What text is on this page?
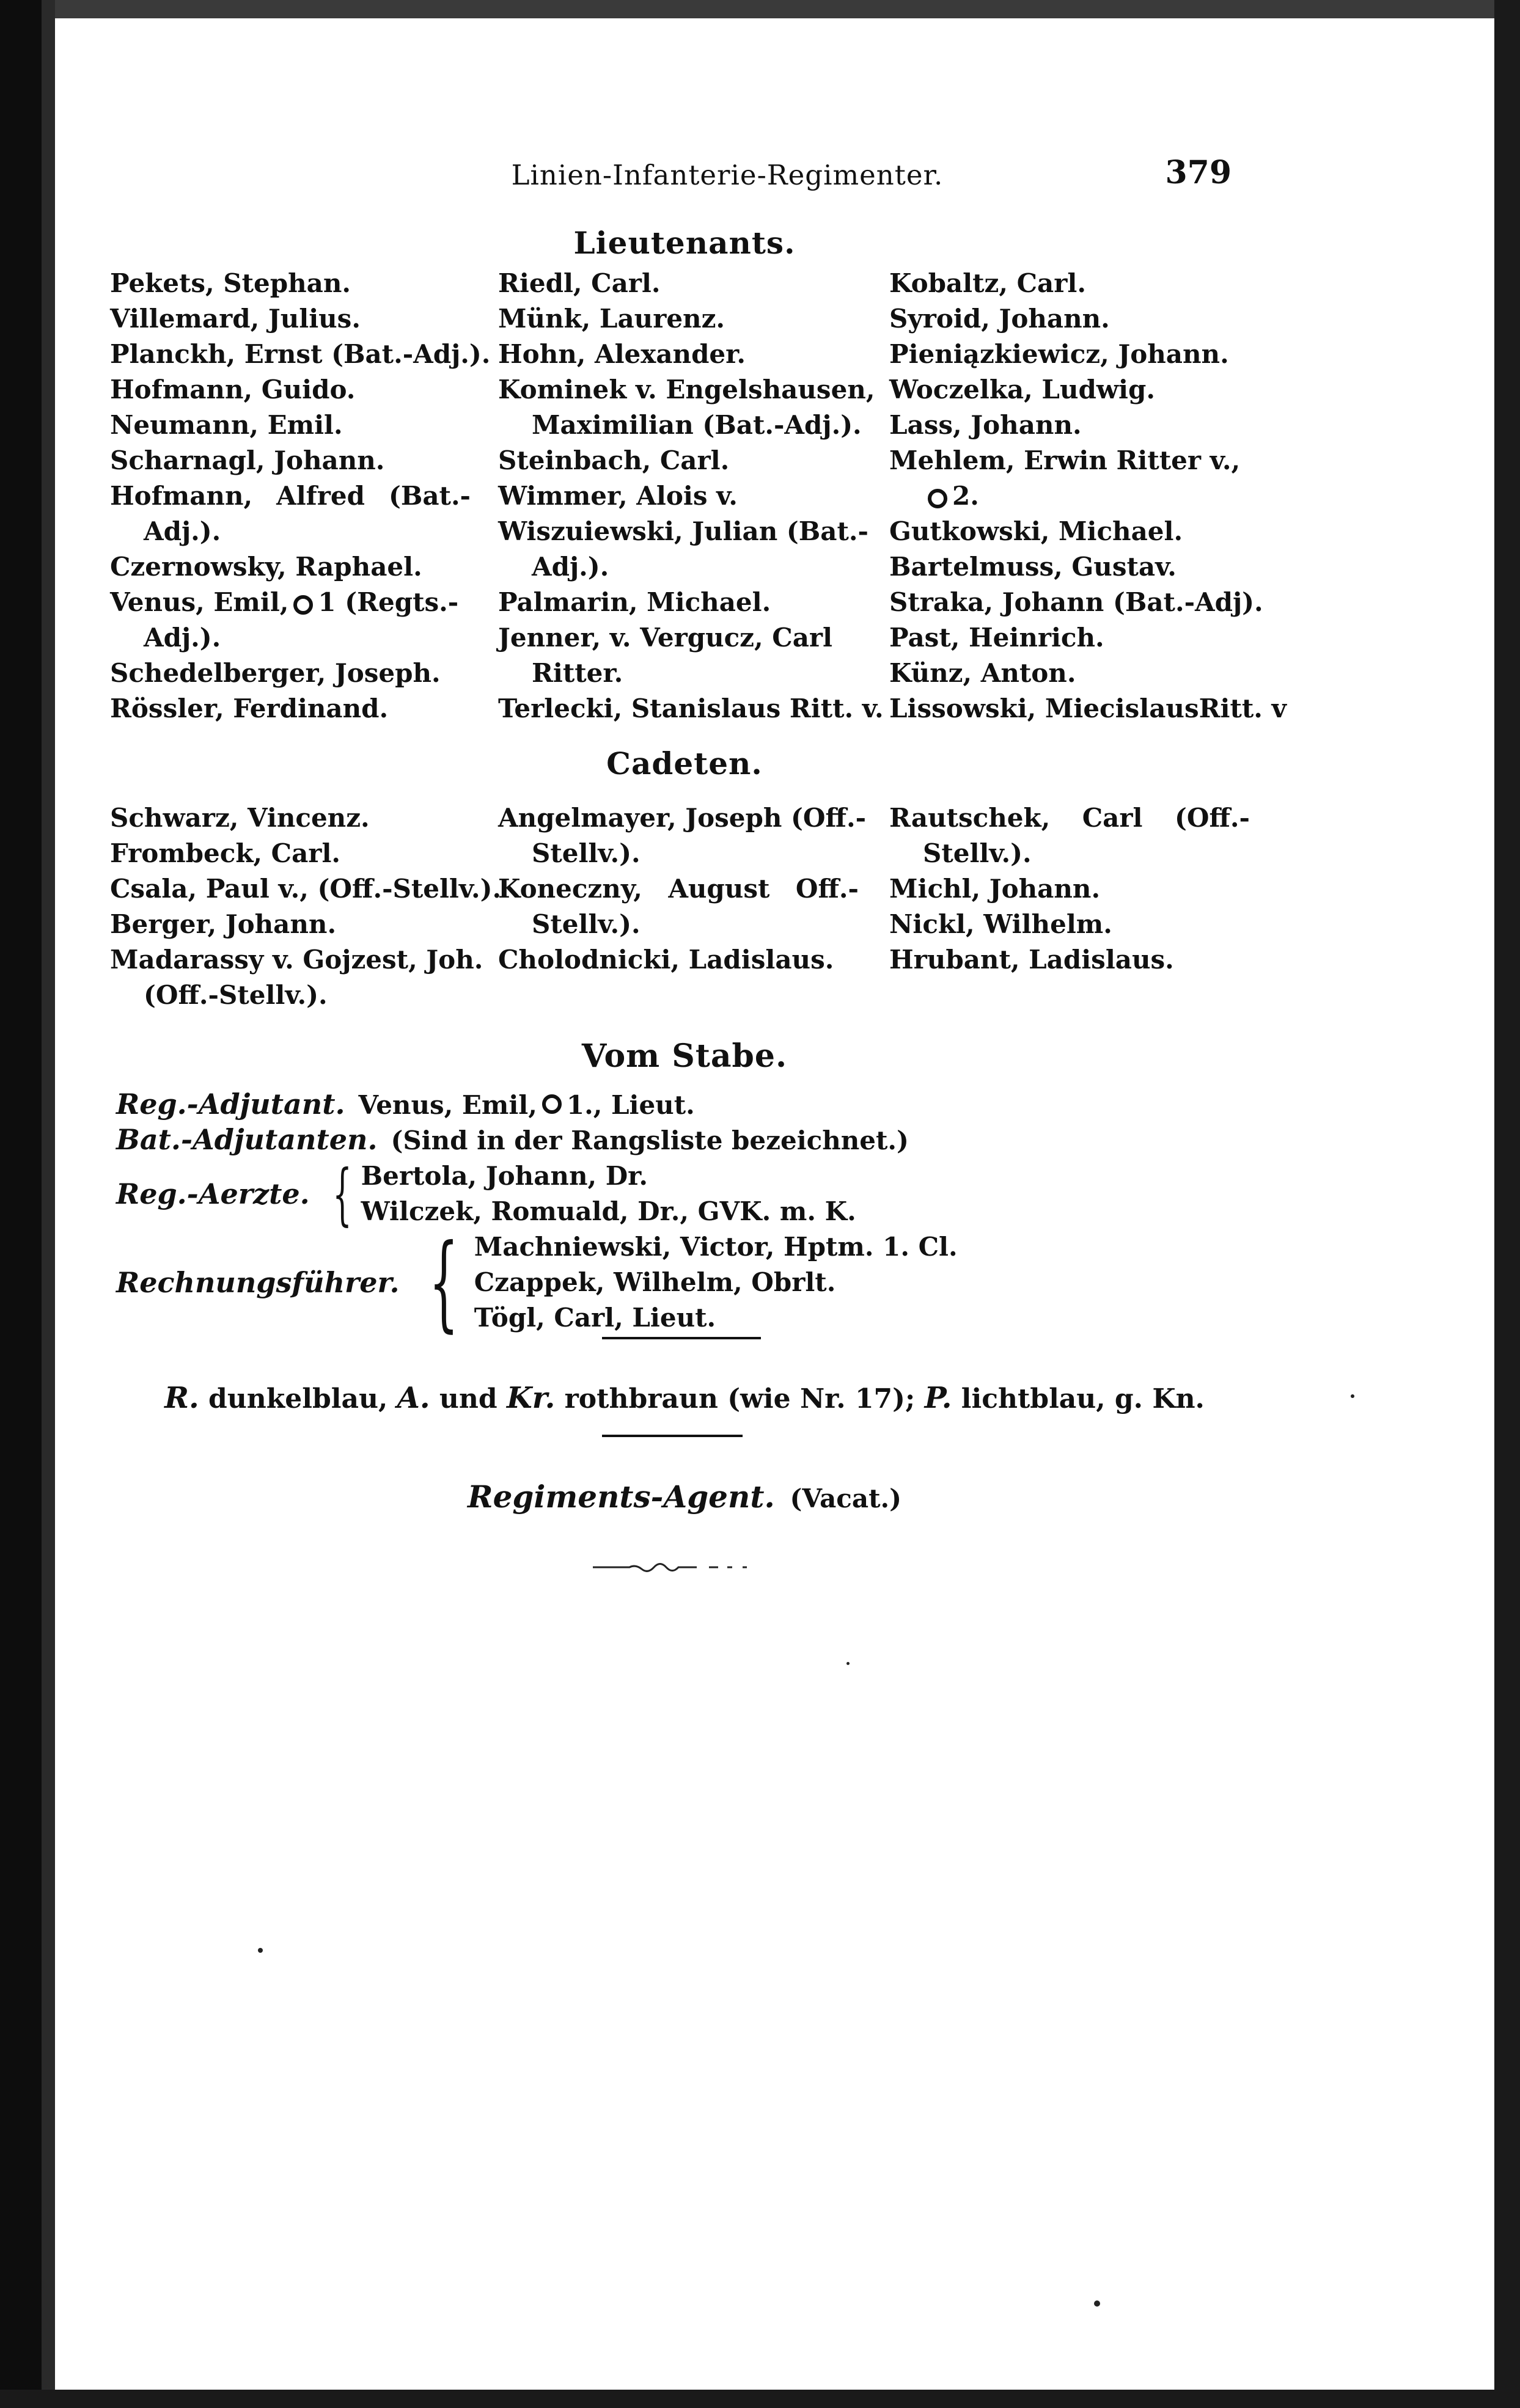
Linien-Infanterie-Regimenter.	379
Lieutenants.
Pekets, Stephan.
Villemard, Julius.
Planckh, Ernst (Bat.-Adj.).
Hofmann, Guido.
Neumann, Emil.
Scharnagl, Johann.
Hofmann, Alfred (Bat.-
Adj.).
Czernowsky, Raphael.
Venus, Emil, 1 (Regts.-
Adj.).
Schedelberger, Joseph.
Rössler, Ferdinand.
Riedl, Carl.
Münk, Laurenz.
Hohn, Alexander.
Kominek v. Engelshausen,
Maximilian (Bat.-Adj.).
Steinbach, Carl.
Wimmer, Alois v.
Wiszuiewski, Julian (Bat.-
Adj.).
Palmarin, Michael.
Jenner, v. Vergucz, Carl
Ritter.
Terlecki, Stanislaus Ritt. v.
Kobaltz, Carl.
Syroid, Johann.
Pieniązkiewicz, Johann.
Woczelka, Ludwig.
Lass, Johann.
Mehlem, Erwin Ritter v.,
2.
Gutkowski, Michael.
Bartelmuss, Gustav.
Straka, Johann (Bat.-Adj).
Past, Heinrich.
Künz, Anton.
Lissowski, MiecislausRitt. v
Cadeten.
Schwarz, Vincenz.
Frombeck, Carl.
Csala, Paul v., (Off.-Stellv.).
Berger, Johann.
Madarassy v. Gojzest, Joh.
(Off.-Stellv.).
Angelmayer, Joseph (Off.-
Stellv.).
Koneczny, August Off.-
Stellv.).
Cholodnicki, Ladislaus.
Rautschek, Carl (Off.-
Stellv.).
Michl, Johann.
Nickl, Wilhelm.
Hrubant, Ladislaus.
Vom Stabe.
Reg.-Adjutant. Venus, Emil, 1., Lieut.
Bat.-Adjutanten. (Sind in der Rangsliste bezeichnet.)
Reg.-Aerzte. { Bertola, Johann, Dr.
Wilczek, Romuald, Dr., GVK. m. K.
Rechnungsführer. { Machniewski, Victor, Hptm. 1. Cl.
Czappek, Wilhelm, Obrlt.
Tögl, Carl, Lieut.
R. dunkelblau, A. und Kr. rothbraun (wie Nr. 17); P. lichtblau, g. Kn.
Regiments-Agent. (Vacat.)
